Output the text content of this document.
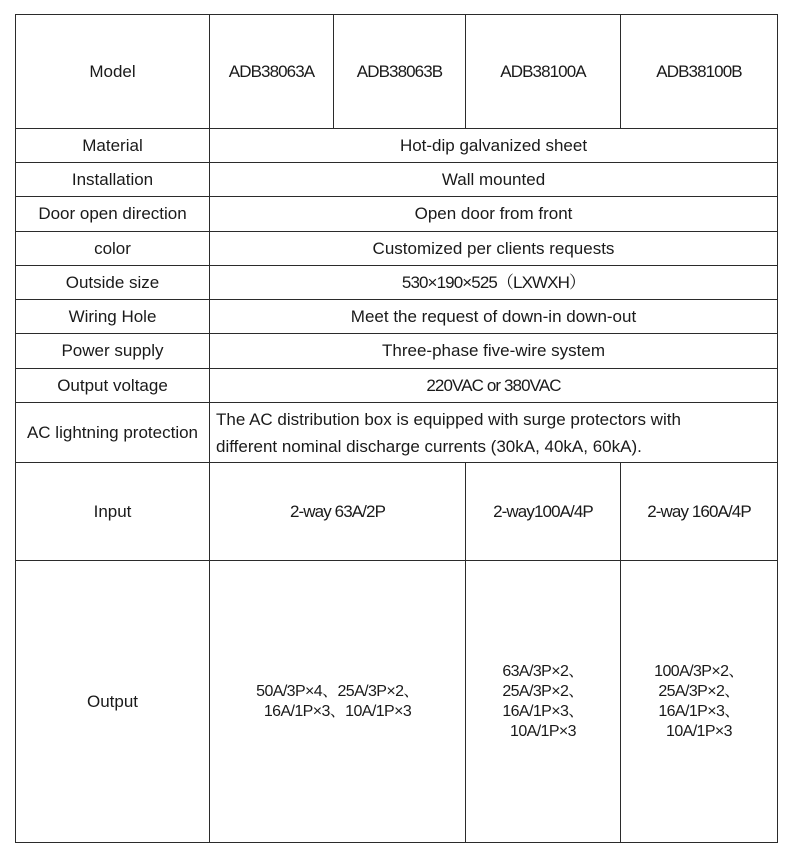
Model	ADB38063A	ADB38063B	ADB38100A	ADB38100B
Material	Hot-dip galvanized sheet			
Installation	Wall mounted			
Door open direction	Open door from front			
color	Customized per clients requests			
Outside size	530×190×525（LXWXH）			
Wiring Hole	Meet the request of down-in down-out			
Power supply	Three-phase five-wire system			
Output voltage	220VAC or 380VAC			
AC lightning protection	The AC distribution box is equipped with surge protectors with
different nominal discharge currents (30kA, 40kA, 60kA).			

Input	2-way 63A/2P		2-way100A/4P	2-way 160A/4P
Output	50A/3P×4、25A/3P×2、
16A/1P×3、10A/1P×3		63A/3P×2、
25A/3P×2、
16A/1P×3、
10A/1P×3	100A/3P×2、
25A/3P×2、
16A/1P×3、
10A/1P×3
